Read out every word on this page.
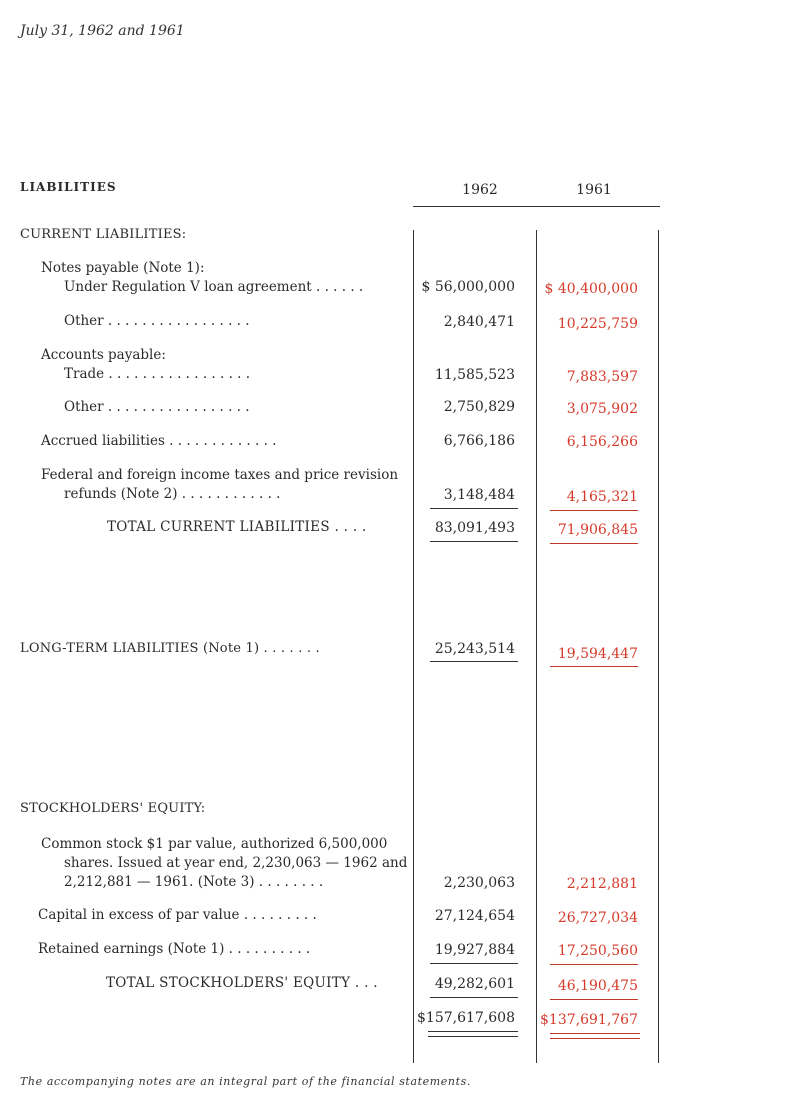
July 31, 1962 and 1961
LIABILITIES	1962	1961
CURRENT LIABILITIES:
Notes payable (Note 1):
Under Regulation V loan agreement . . . . . .	$ 56,000,000	$ 40,400,000
Other . . . . . . . . . . . . . . . . .	2,840,471	10,225,759
Accounts payable:
Trade . . . . . . . . . . . . . . . . .	11,585,523	7,883,597
Other . . . . . . . . . . . . . . . . .	2,750,829	3,075,902
Accrued liabilities . . . . . . . . . . . . .	6,766,186	6,156,266
Federal and foreign income taxes and price revision
refunds (Note 2) . . . . . . . . . . . .	3,148,484	4,165,321
TOTAL CURRENT LIABILITIES . . . .	83,091,493	71,906,845
LONG-TERM LIABILITIES (Note 1) . . . . . . .	25,243,514	19,594,447
STOCKHOLDERS' EQUITY:
Common stock $1 par value, authorized 6,500,000
shares. Issued at year end, 2,230,063 — 1962 and
2,212,881 — 1961. (Note 3) . . . . . . . .	2,230,063	2,212,881
Capital in excess of par value . . . . . . . . .	27,124,654	26,727,034
Retained earnings (Note 1) . . . . . . . . . .	19,927,884	17,250,560
TOTAL STOCKHOLDERS' EQUITY . . .	49,282,601	46,190,475
$157,617,608	$137,691,767
The accompanying notes are an integral part of the financial statements.
